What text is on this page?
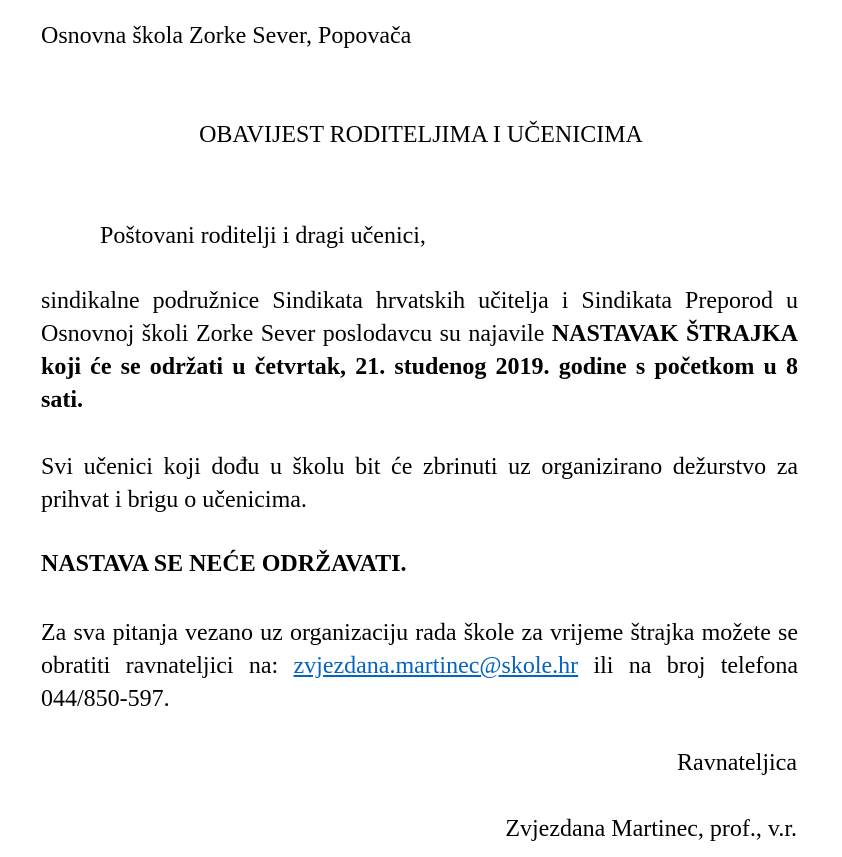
Osnovna škola Zorke Sever, Popovača
OBAVIJEST RODITELJIMA I UČENICIMA
Poštovani roditelji i dragi učenici,
sindikalne podružnice Sindikata hrvatskih učitelja i Sindikata Preporod u Osnovnoj školi Zorke Sever poslodavcu su najavile NASTAVAK ŠTRAJKA koji će se održati u četvrtak, 21. studenog 2019. godine s početkom u 8 sati.
Svi učenici koji dođu u školu bit će zbrinuti uz organizirano dežurstvo za prihvat i brigu o učenicima.
NASTAVA SE NEĆE ODRŽAVATI.
Za sva pitanja vezano uz organizaciju rada škole za vrijeme štrajka možete se obratiti ravnateljici na: zvjezdana.martinec@skole.hr ili na broj telefona 044/850-597.
Ravnateljica
Zvjezdana Martinec, prof., v.r.
